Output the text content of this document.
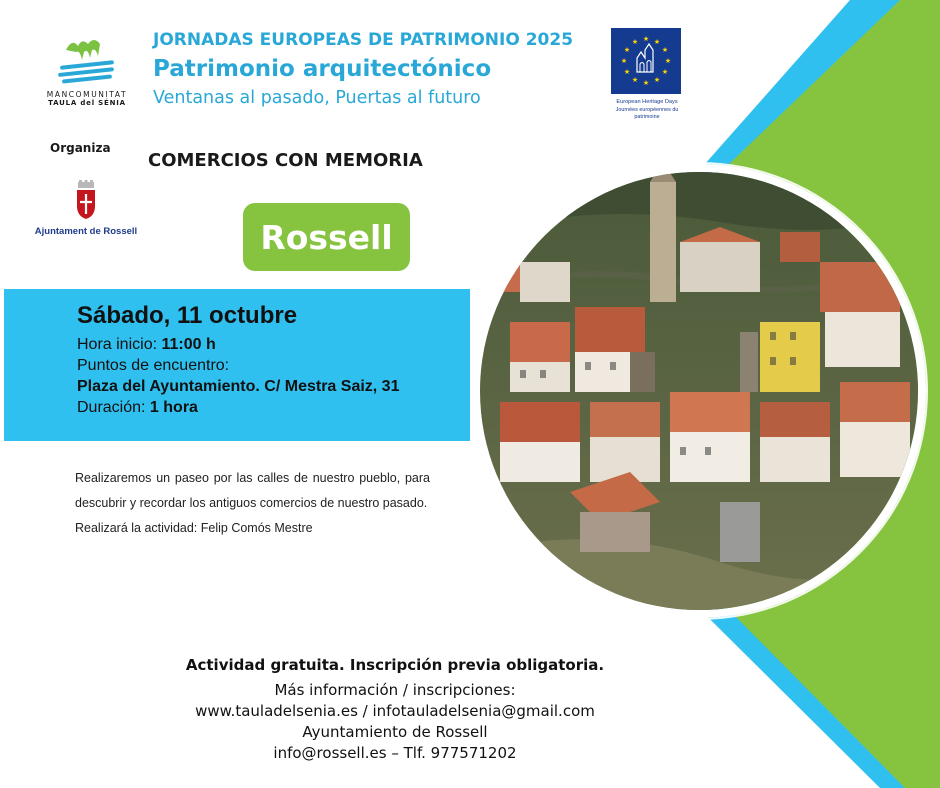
MANCOMUNITAT
TAULA del SÉNIA
Organiza
Ajuntament de Rossell
JORNADAS EUROPEAS DE PATRIMONIO 2025
Patrimonio arquitectónico
Ventanas al pasado, Puertas al futuro
★ ★
★
★
★
★
★
★
★
★
★
★
European Heritage Days
Journées européennes du patrimoine
COMERCIOS CON MEMORIA
Rossell
Sábado, 11 octubre
Hora inicio: 11:00 h
Puntos de encuentro:
Plaza del Ayuntamiento. C/ Mestra Saiz, 31
Duración: 1 hora

Realizaremos un paseo por las calles de nuestro pueblo, para descubrir y recordar los antiguos comercios de nuestro pasado.

Realizará la actividad: Felip Comós Mestre

Actividad gratuita. Inscripción previa obligatoria.
Más información / inscripciones:
www.tauladelsenia.es / infotauladelsenia@gmail.com
Ayuntamiento de Rossell
info@rossell.es – Tlf. 977571202
